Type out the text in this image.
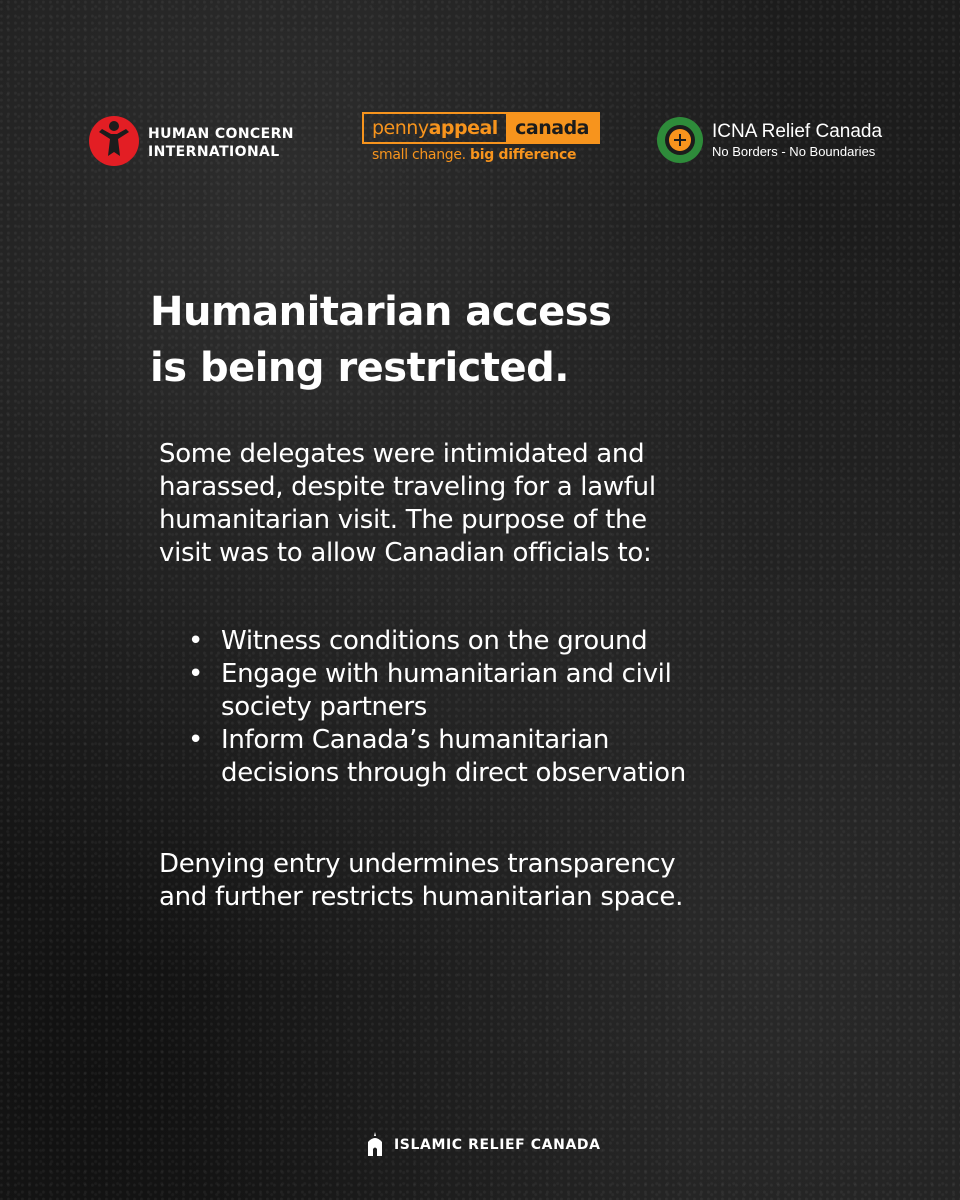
HUMAN CONCERN
INTERNATIONAL
pennyappeal canada
small change. big difference
ICNA Relief Canada
No Borders - No Boundaries
Humanitarian access
is being restricted.

Some delegates were intimidated and
harassed, despite traveling for a lawful
humanitarian visit. The purpose of the
visit was to allow Canadian officials to:

• Witness conditions on the ground
• Engage with humanitarian and civil
society partners
• Inform Canada’s humanitarian
decisions through direct observation

Denying entry undermines transparency
and further restricts humanitarian space.

ISLAMIC RELIEF CANADA
